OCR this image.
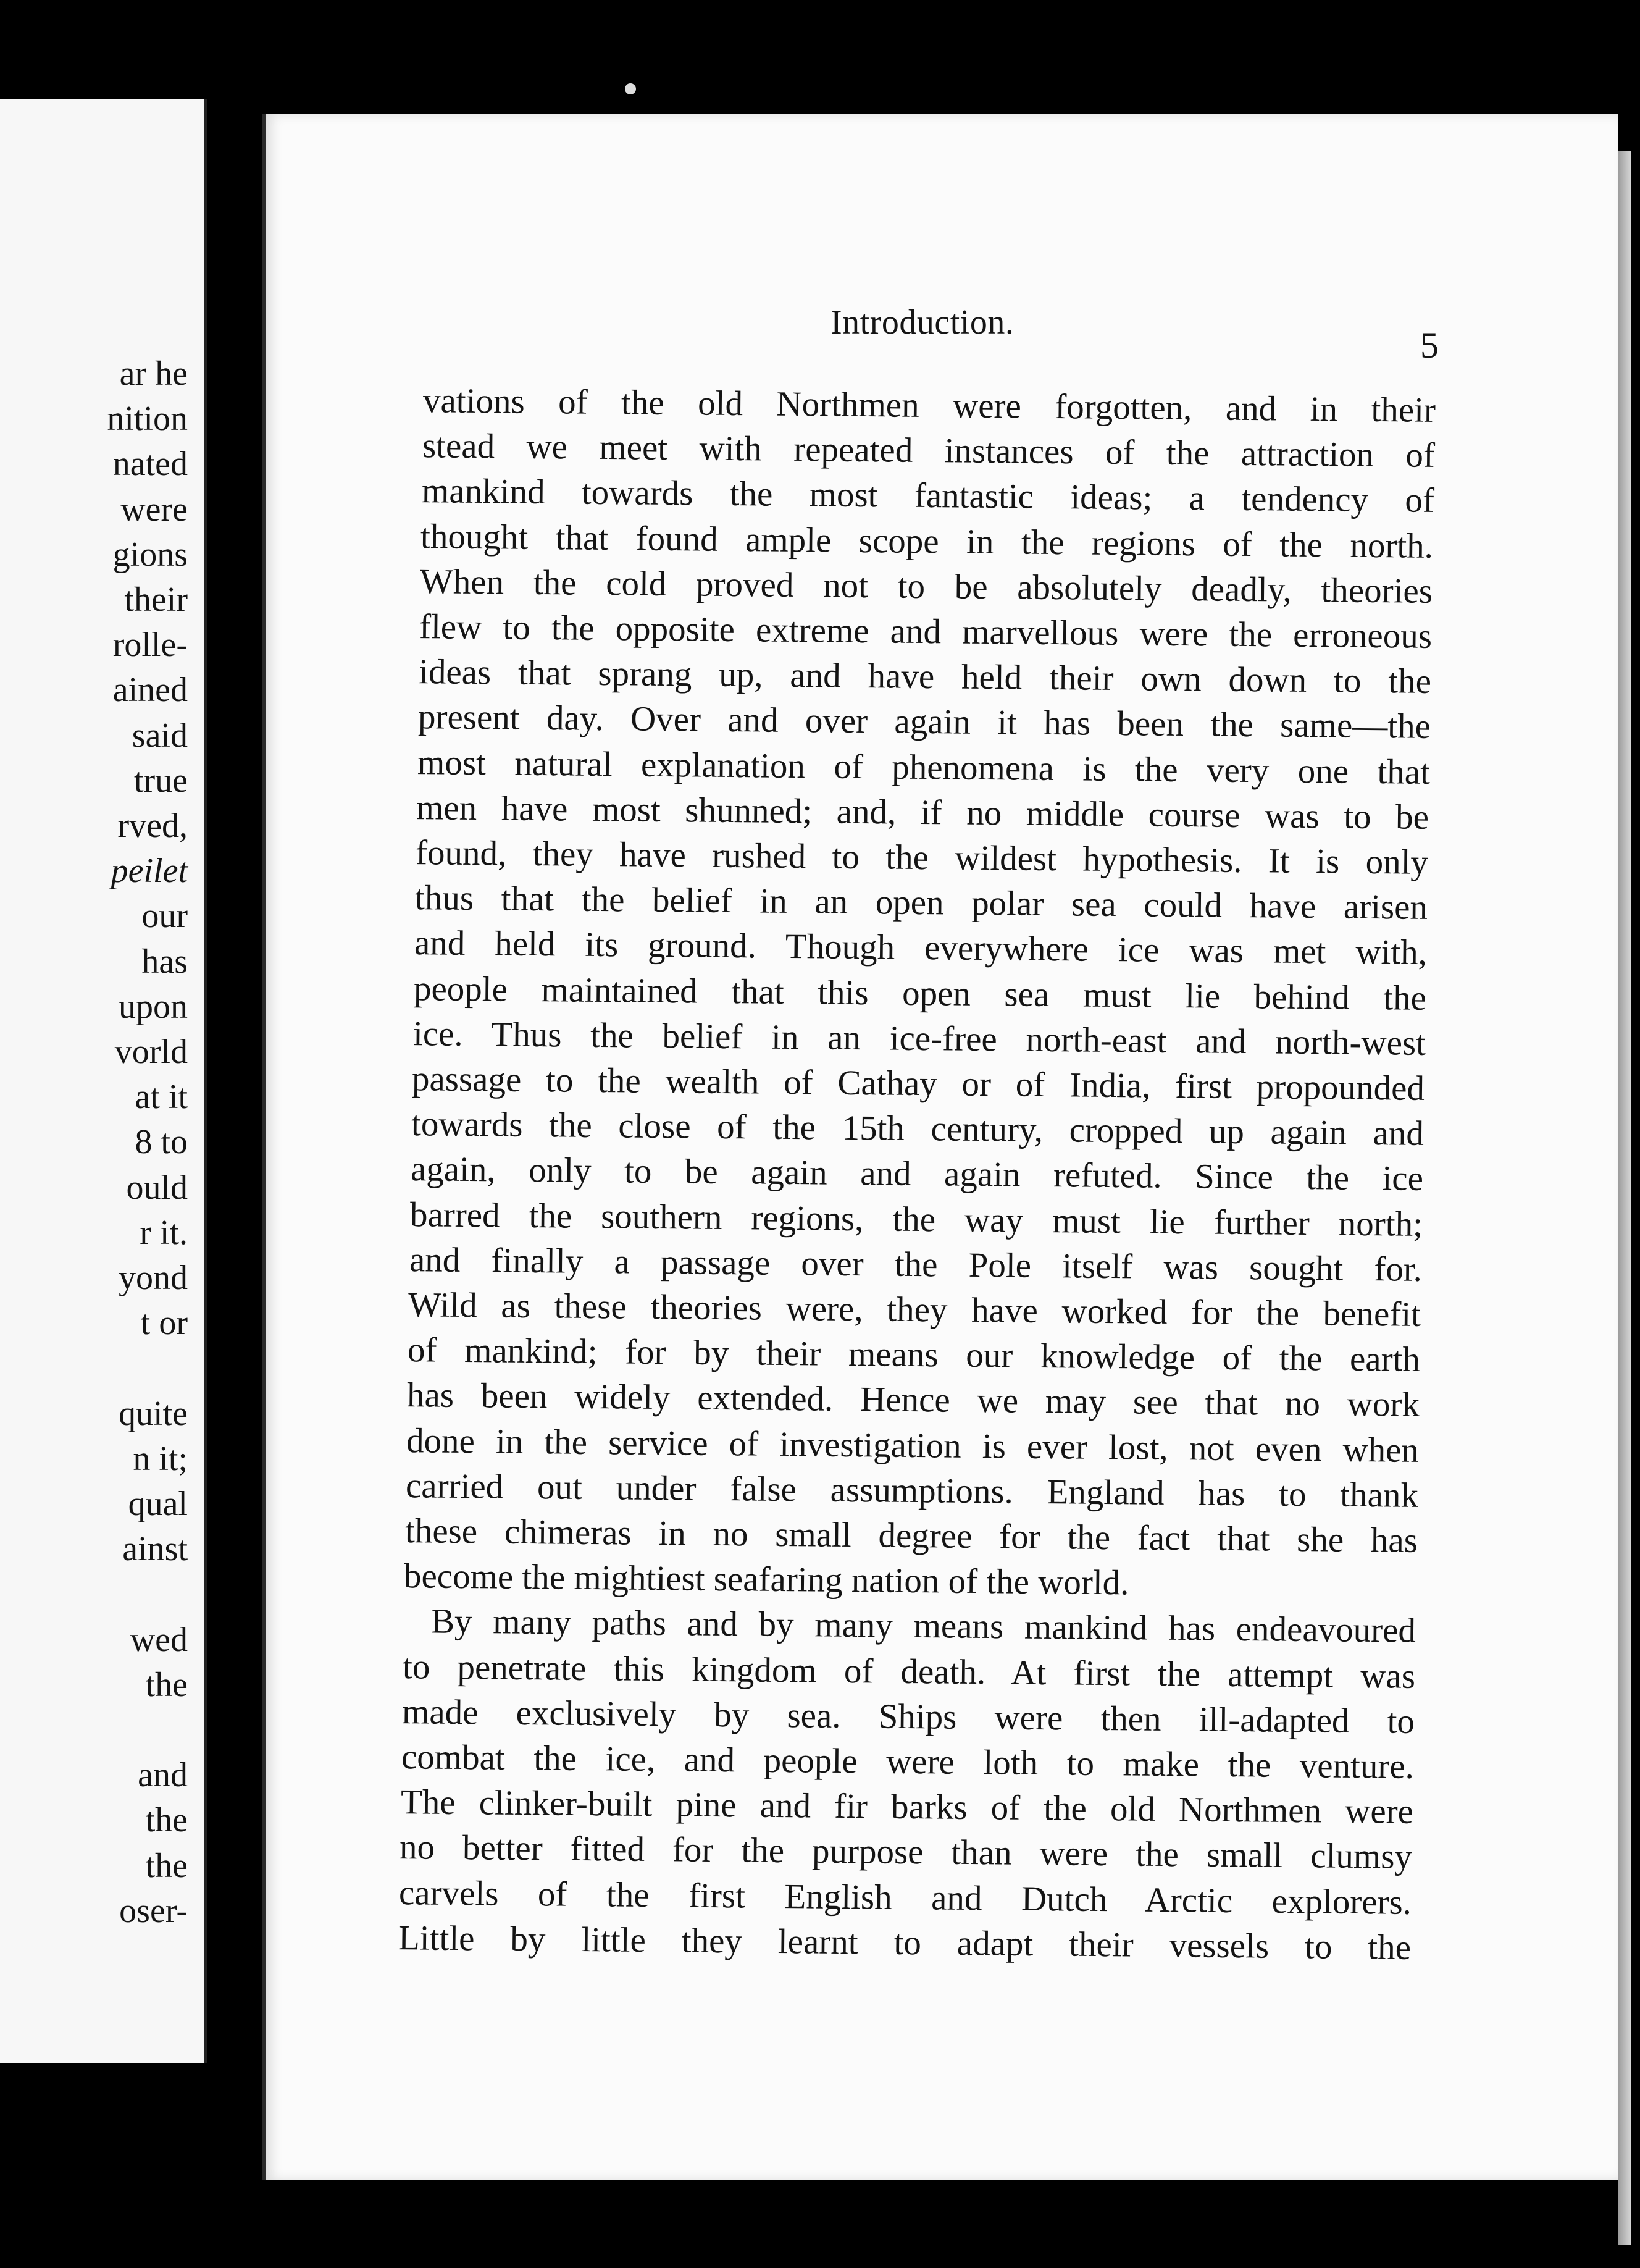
ar he
nition
nated
were
gions
their
rolle-
ained
said
true
rved,
peilet
our
has
upon
vorld
at it
8 to
ould
r it.
yond
t or
quite
n it;
qual
ainst
wed
the
and
the
the
oser-
Introduction.
5
vations of the old Northmen were forgotten, and in their
stead we meet with repeated instances of the attraction of
mankind towards the most fantastic ideas; a tendency of
thought that found ample scope in the regions of the north.
When the cold proved not to be absolutely deadly, theories
flew to the opposite extreme and marvellous were the erroneous
ideas that sprang up, and have held their own down to the
present day. Over and over again it has been the same—the
most natural explanation of phenomena is the very one that
men have most shunned; and, if no middle course was to be
found, they have rushed to the wildest hypothesis. It is only
thus that the belief in an open polar sea could have arisen
and held its ground. Though everywhere ice was met with,
people maintained that this open sea must lie behind the
ice. Thus the belief in an ice-free north-east and north-west
passage to the wealth of Cathay or of India, first propounded
towards the close of the 15th century, cropped up again and
again, only to be again and again refuted. Since the ice
barred the southern regions, the way must lie further north;
and finally a passage over the Pole itself was sought for.
Wild as these theories were, they have worked for the benefit
of mankind; for by their means our knowledge of the earth
has been widely extended. Hence we may see that no work
done in the service of investigation is ever lost, not even when
carried out under false assumptions. England has to thank
these chimeras in no small degree for the fact that she has
become the mightiest seafaring nation of the world.
By many paths and by many means mankind has endeavoured
to penetrate this kingdom of death. At first the attempt was
made exclusively by sea. Ships were then ill-adapted to
combat the ice, and people were loth to make the venture.
The clinker-built pine and fir barks of the old Northmen were
no better fitted for the purpose than were the small clumsy
carvels of the first English and Dutch Arctic explorers.
Little by little they learnt to adapt their vessels to the
